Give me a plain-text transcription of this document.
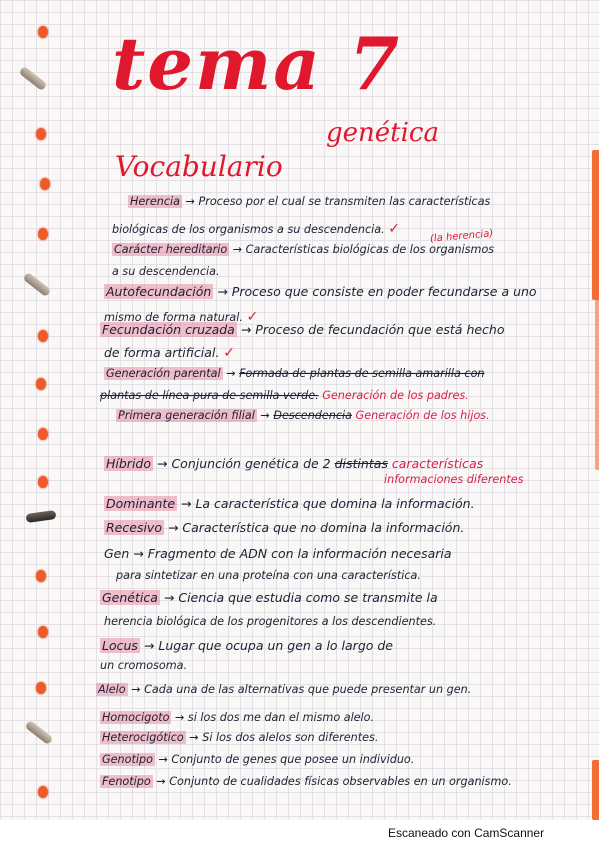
tema 7
genética
Vocabulario
Herencia → Proceso por el cual se transmiten las características
biológicas de los organismos a su descendencia. ✓
Carácter hereditario → Características biológicas de los organismos
(la herencia)
a su descendencia.
Autofecundación → Proceso que consiste en poder fecundarse a uno
mismo de forma natural. ✓
Fecundación cruzada → Proceso de fecundación que está hecho
de forma artificial. ✓
Generación parental → Formada de plantas de semilla amarilla con
plantas de línea pura de semilla verde. Generación de los padres.
Primera generación filial → Descendencia Generación de los hijos.
Híbrido → Conjunción genética de 2 distintas características
informaciones diferentes
Dominante → La característica que domina la información.
Recesivo → Característica que no domina la información.
Gen → Fragmento de ADN con la información necesaria
para sintetizar en una proteína con una característica.
Genética → Ciencia que estudia como se transmite la
herencia biológica de los progenitores a los descendientes.
Locus → Lugar que ocupa un gen a lo largo de
un cromosoma.
Alelo → Cada una de las alternativas que puede presentar un gen.
Homocigoto → si los dos me dan el mismo alelo.
Heterocigótico → Si los dos alelos son diferentes.
Genotipo → Conjunto de genes que posee un individuo.
Fenotipo → Conjunto de cualidades físicas observables en un organismo.
Escaneado con CamScanner
